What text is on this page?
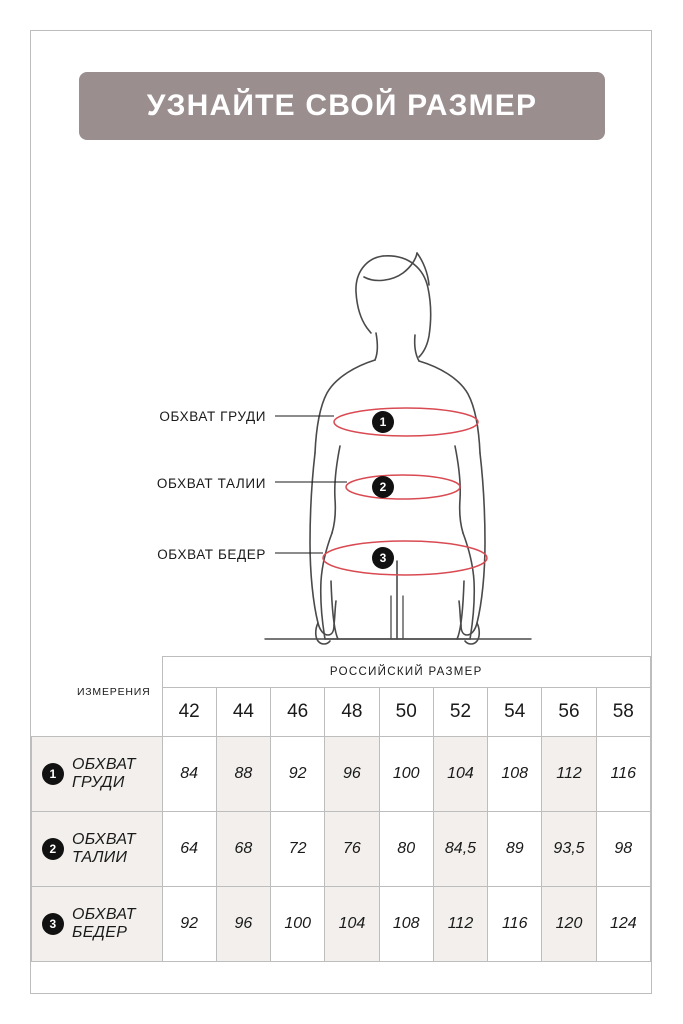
УЗНАЙТЕ СВОЙ РАЗМЕР
ОБХВАТ ГРУДИ
ОБХВАТ ТАЛИИ
ОБХВАТ БЕДЕР
1
2
3
ИЗМЕРЕНИЯ	РОССИЙСКИЙ РАЗМЕР								
	42	44	46	48	50	52	54	56	58

1
ОБХВАТ
ГРУДИ	84	88	92	96	100	104	108	112	116

2
ОБХВАТ
ТАЛИИ	64	68	72	76	80	84,5	89	93,5	98

3
ОБХВАТ
БЕДЕР	92	96	100	104	108	112	116	120	124
